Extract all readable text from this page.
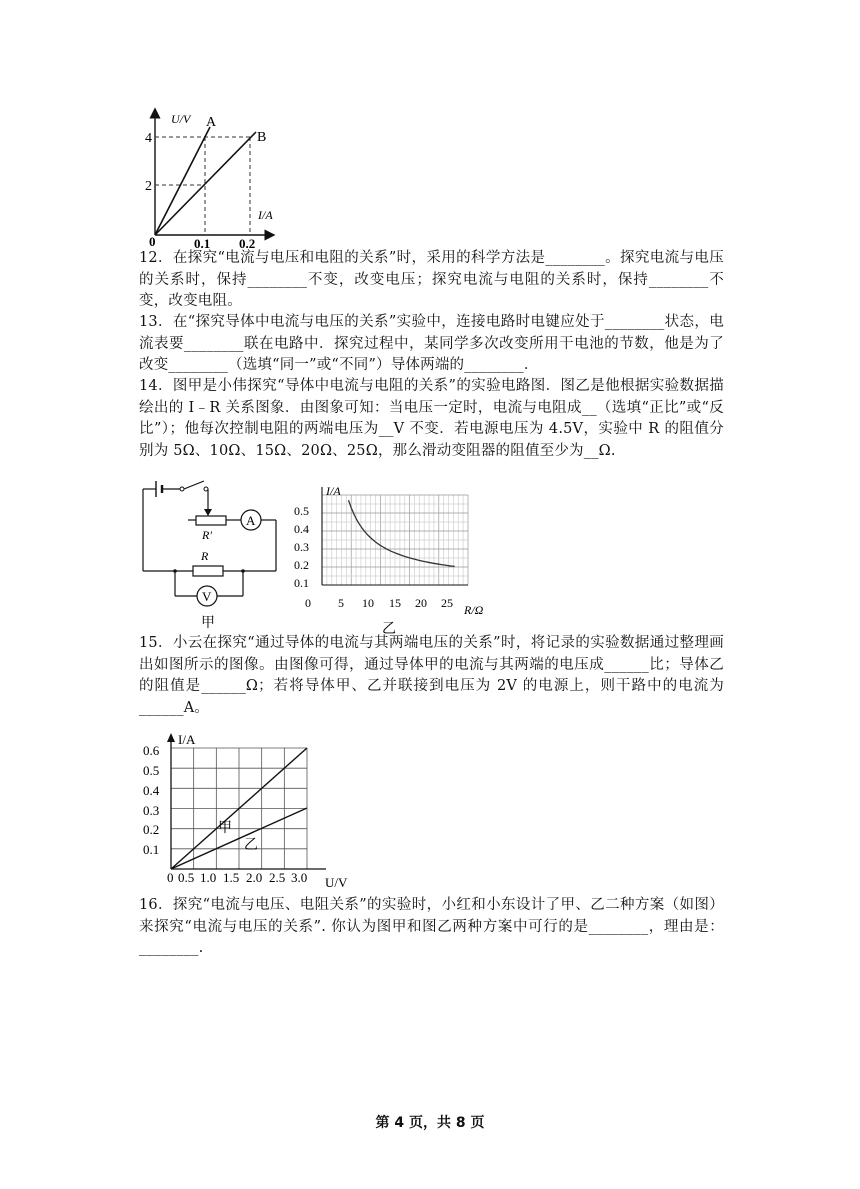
U/V
4
2
A
B
I/A
0	0.1 0.2
12．在探究“电流与电压和电阻的关系”时，采用的科学方法是________。探究电流与电压的关系时，保持________不变，改变电压；探究电流与电阻的关系时，保持________不变，改变电阻。
13．在“探究导体中电流与电压的关系”实验中，连接电路时电键应处于________状态，电流表要________联在电路中．探究过程中，某同学多次改变所用干电池的节数，他是为了改变________（选填“同一”或“不同”）导体两端的________．
14．图甲是小伟探究“导体中电流与电阻的关系”的实验电路图．图乙是他根据实验数据描绘出的 I﹣R 关系图象．由图象可知：当电压一定时，电流与电阻成__（选填“正比”或“反比”）；他每次控制电阻的两端电压为__V 不变．若电源电压为 4.5V，实验中 R 的阻值分别为 5Ω、10Ω、15Ω、20Ω、25Ω，那么滑动变阻器的阻值至少为__Ω.
A
R'
R
V
甲
I/A
0.5
0.4
0.3
0.2
0.1
0 5 10 15 20 25 R/Ω
乙
15．小云在探究“通过导体的电流与其两端电压的关系”时，将记录的实验数据通过整理画出如图所示的图像。由图像可得，通过导体甲的电流与其两端的电压成______比；导体乙的阻值是______Ω；若将导体甲、乙并联接到电压为 2V 的电源上，则干路中的电流为______A。
甲
乙
I/A
0.6
0.5
0.4
0.3
0.2
0.1
0 0.5 1.0 1.5 2.0 2.5 3.0 U/V
16．探究“电流与电压、电阻关系”的实验时，小红和小东设计了甲、乙二种方案（如图）来探究“电流与电压的关系”. 你认为图甲和图乙两种方案中可行的是________，理由是：________.
第 4 页，共 8 页
